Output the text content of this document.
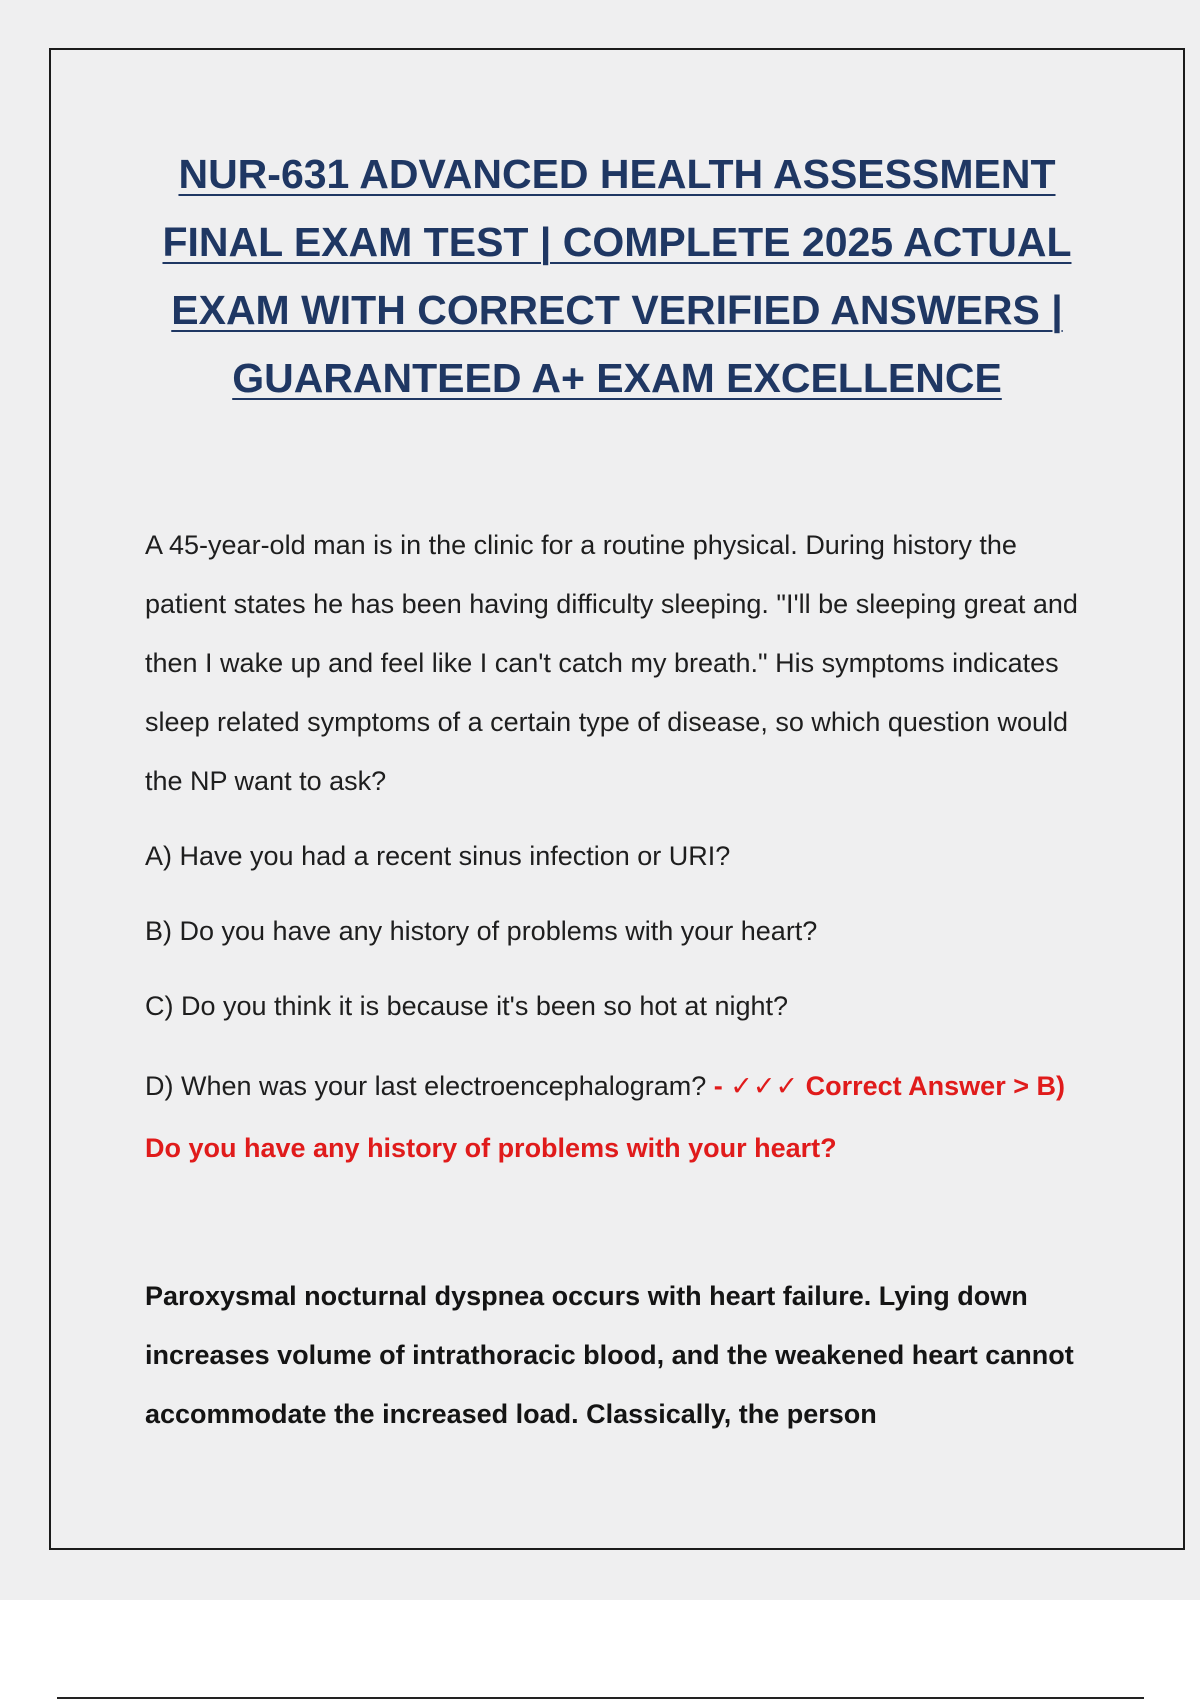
NUR-631 ADVANCED HEALTH ASSESSMENT FINAL EXAM TEST | COMPLETE 2025 ACTUAL EXAM WITH CORRECT VERIFIED ANSWERS | GUARANTEED A+ EXAM EXCELLENCE

A 45-year-old man is in the clinic for a routine physical. During history the patient states he has been having difficulty sleeping. "I'll be sleeping great and then I wake up and feel like I can't catch my breath." His symptoms indicates sleep related symptoms of a certain type of disease, so which question would the NP want to ask?

A) Have you had a recent sinus infection or URI?

B) Do you have any history of problems with your heart?

C) Do you think it is because it's been so hot at night?

D) When was your last electroencephalogram? - ✓✓✓ Correct Answer > B) Do you have any history of problems with your heart?

Paroxysmal nocturnal dyspnea occurs with heart failure. Lying down increases volume of intrathoracic blood, and the weakened heart cannot accommodate the increased load. Classically, the person
